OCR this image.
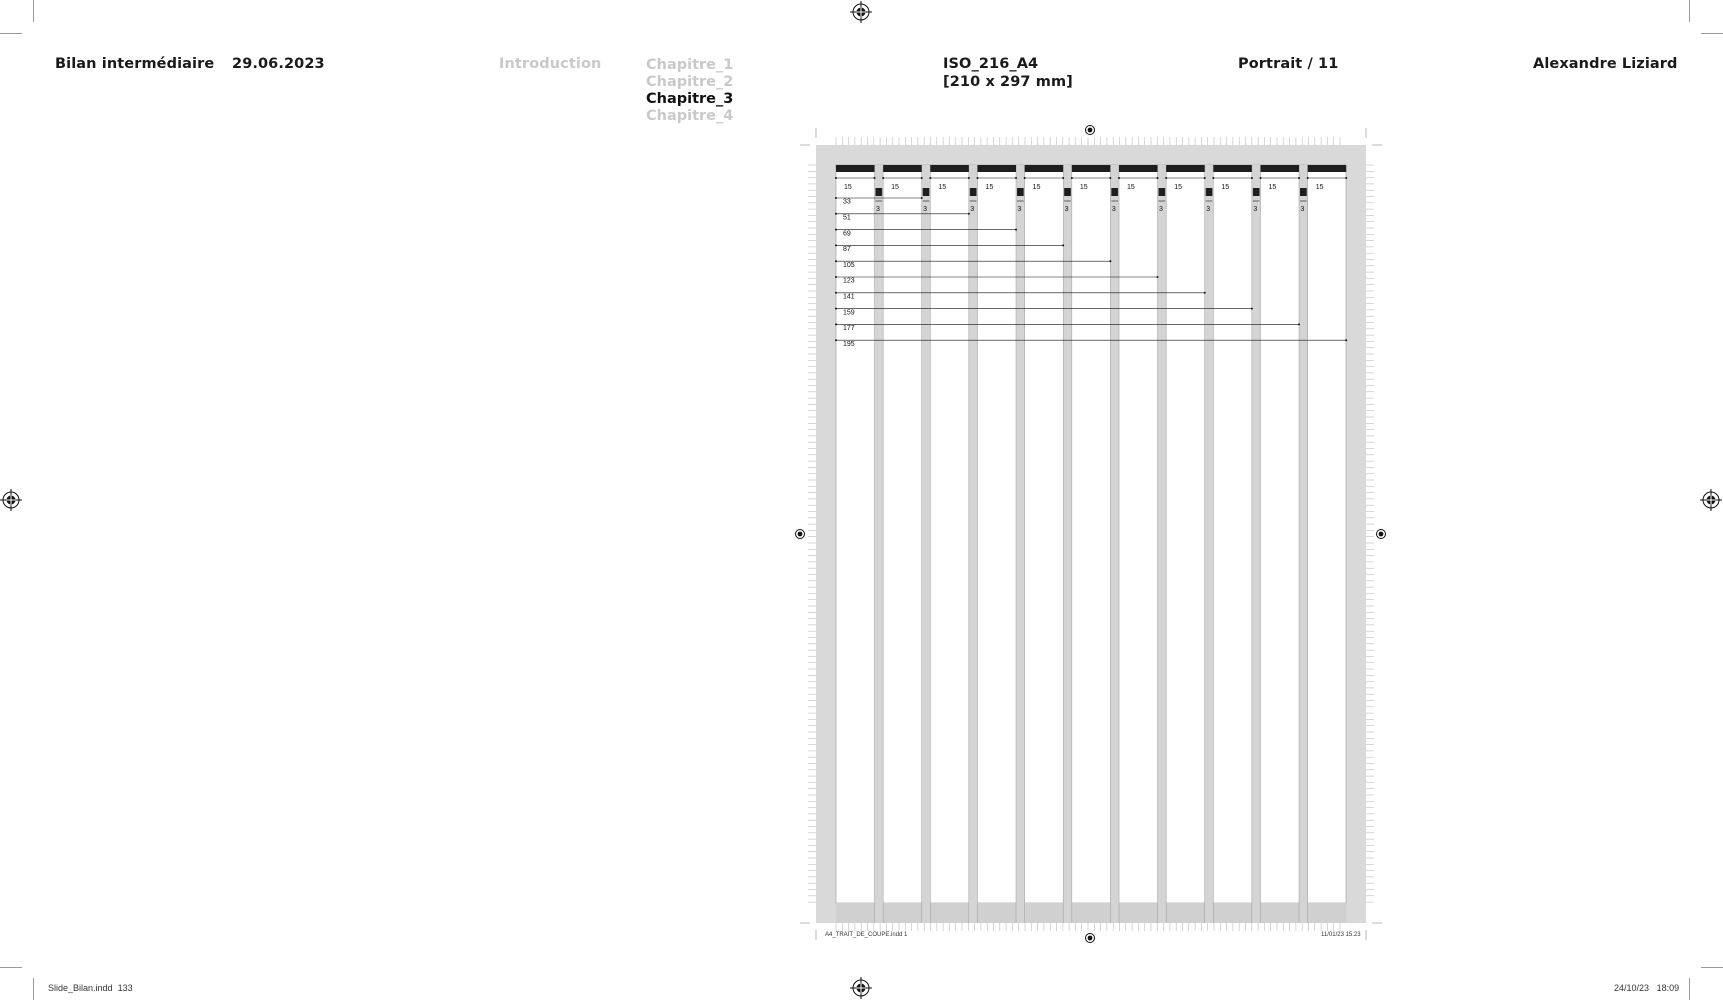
Bilan intermédiaire 29.06.2023	Introduction	Chapitre_1
Chapitre_2
Chapitre_3
Chapitre_4
ISO_216_A4
[210 x 297 mm]
Portrait / 11	Alexandre Liziard
3	3	3	3	3	3	3	3	3	3
15	15	15	15	15	15	15	15	15	15	15
33
51
69
87
105
123
141
159
177
195
A4_TRAIT_DE_COUPE.indd 1	11/01/23 15:23
Slide_Bilan.indd 133	24/10/23 18:09
